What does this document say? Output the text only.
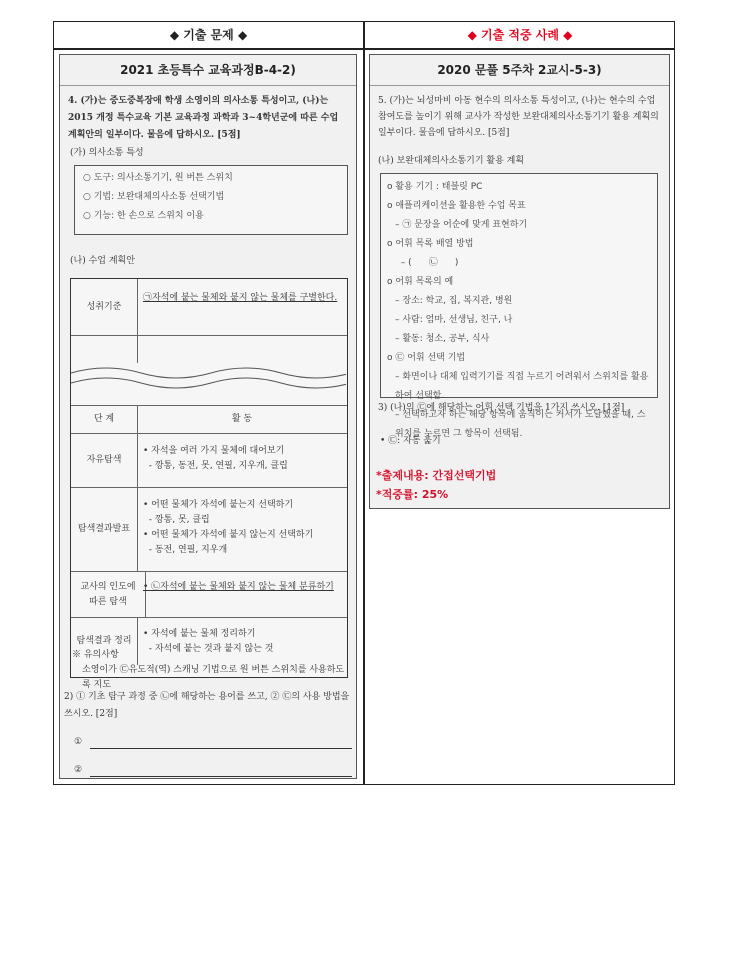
◆ 기출 문제 ◆	◆ 기출 적중 사례 ◆
2021 초등특수 교육과정B-4-2)
4. (가)는 중도중복장애 학생 소영이의 의사소통 특성이고, (나)는 2015 개정 특수교육 기본 교육과정 과학과 3~4학년군에 따른 수업 계획안의 일부이다. 물음에 답하시오. [5점]
(가) 의사소통 특성
○ 도구: 의사소통기기, 원 버튼 스위치
○ 기법: 보완대체의사소통 선택기법
○ 기능: 한 손으로 스위치 이용
(나) 수업 계획안
성취기준
㉠자석에 붙는 물체와 붙지 않는 물체를 구별한다.
단 계	활 동
자유탐색
• 자석을 여러 가지 물체에 대어보기
- 깡통, 동전, 못, 연필, 지우개, 클립
탐색결과발표
• 어떤 물체가 자석에 붙는지 선택하기
- 깡통, 못, 클립
• 어떤 물체가 자석에 붙지 않는지 선택하기
- 동전, 연필, 지우개
교사의 인도에 따른 탐색
• ㉡자석에 붙는 물체와 붙지 않는 물체 분류하기
탐색결과 정리
• 자석에 붙는 물체 정리하기
- 자석에 붙는 것과 붙지 않는 것
※ 유의사항
소영이가 ㉢유도적(역) 스캐닝 기법으로 원 버튼 스위치를 사용하도록 지도
2) ① 기초 탐구 과정 중 ㉡에 해당하는 용어를 쓰고, ② ㉢의 사용 방법을 쓰시오. [2점]
①
②
2020 문풀 5주차 2교시-5-3)
5. (가)는 뇌성마비 아동 현수의 의사소통 특성이고, (나)는 현수의 수업 참여도를 높이기 위해 교사가 작성한 보완대체의사소통기기 활용 계획의 일부이다. 물음에 답하시오. [5점]
(나) 보완대체의사소통기기 활용 계획
o 활용 기기 : 태블릿 PC
o 애플리케이션을 활용한 수업 목표
– ㉠ 문장을 어순에 맞게 표현하기
o 어휘 목록 배열 방법
– (      ㉡      )
o 어휘 목록의 예
– 장소: 학교, 집, 복지관, 병원
– 사람: 엄마, 선생님, 친구, 나
– 활동: 청소, 공부, 식사
o ㉢ 어휘 선택 기법
– 화면이나 대체 입력기기를 직접 누르기 어려워서 스위치를 활용하여 선택함.
– 선택하고자 하는 해당 항목에 움직이는 커서가 도달했을 때, 스위치를 누르면 그 항목이 선택됨.
3) (나)의 ㉢에 해당하는 어휘 선택 기법을 1가지 쓰시오. [1점]
• ㉢: 자동 훑기
*출제내용: 간접선택기법
*적중률: 25%
